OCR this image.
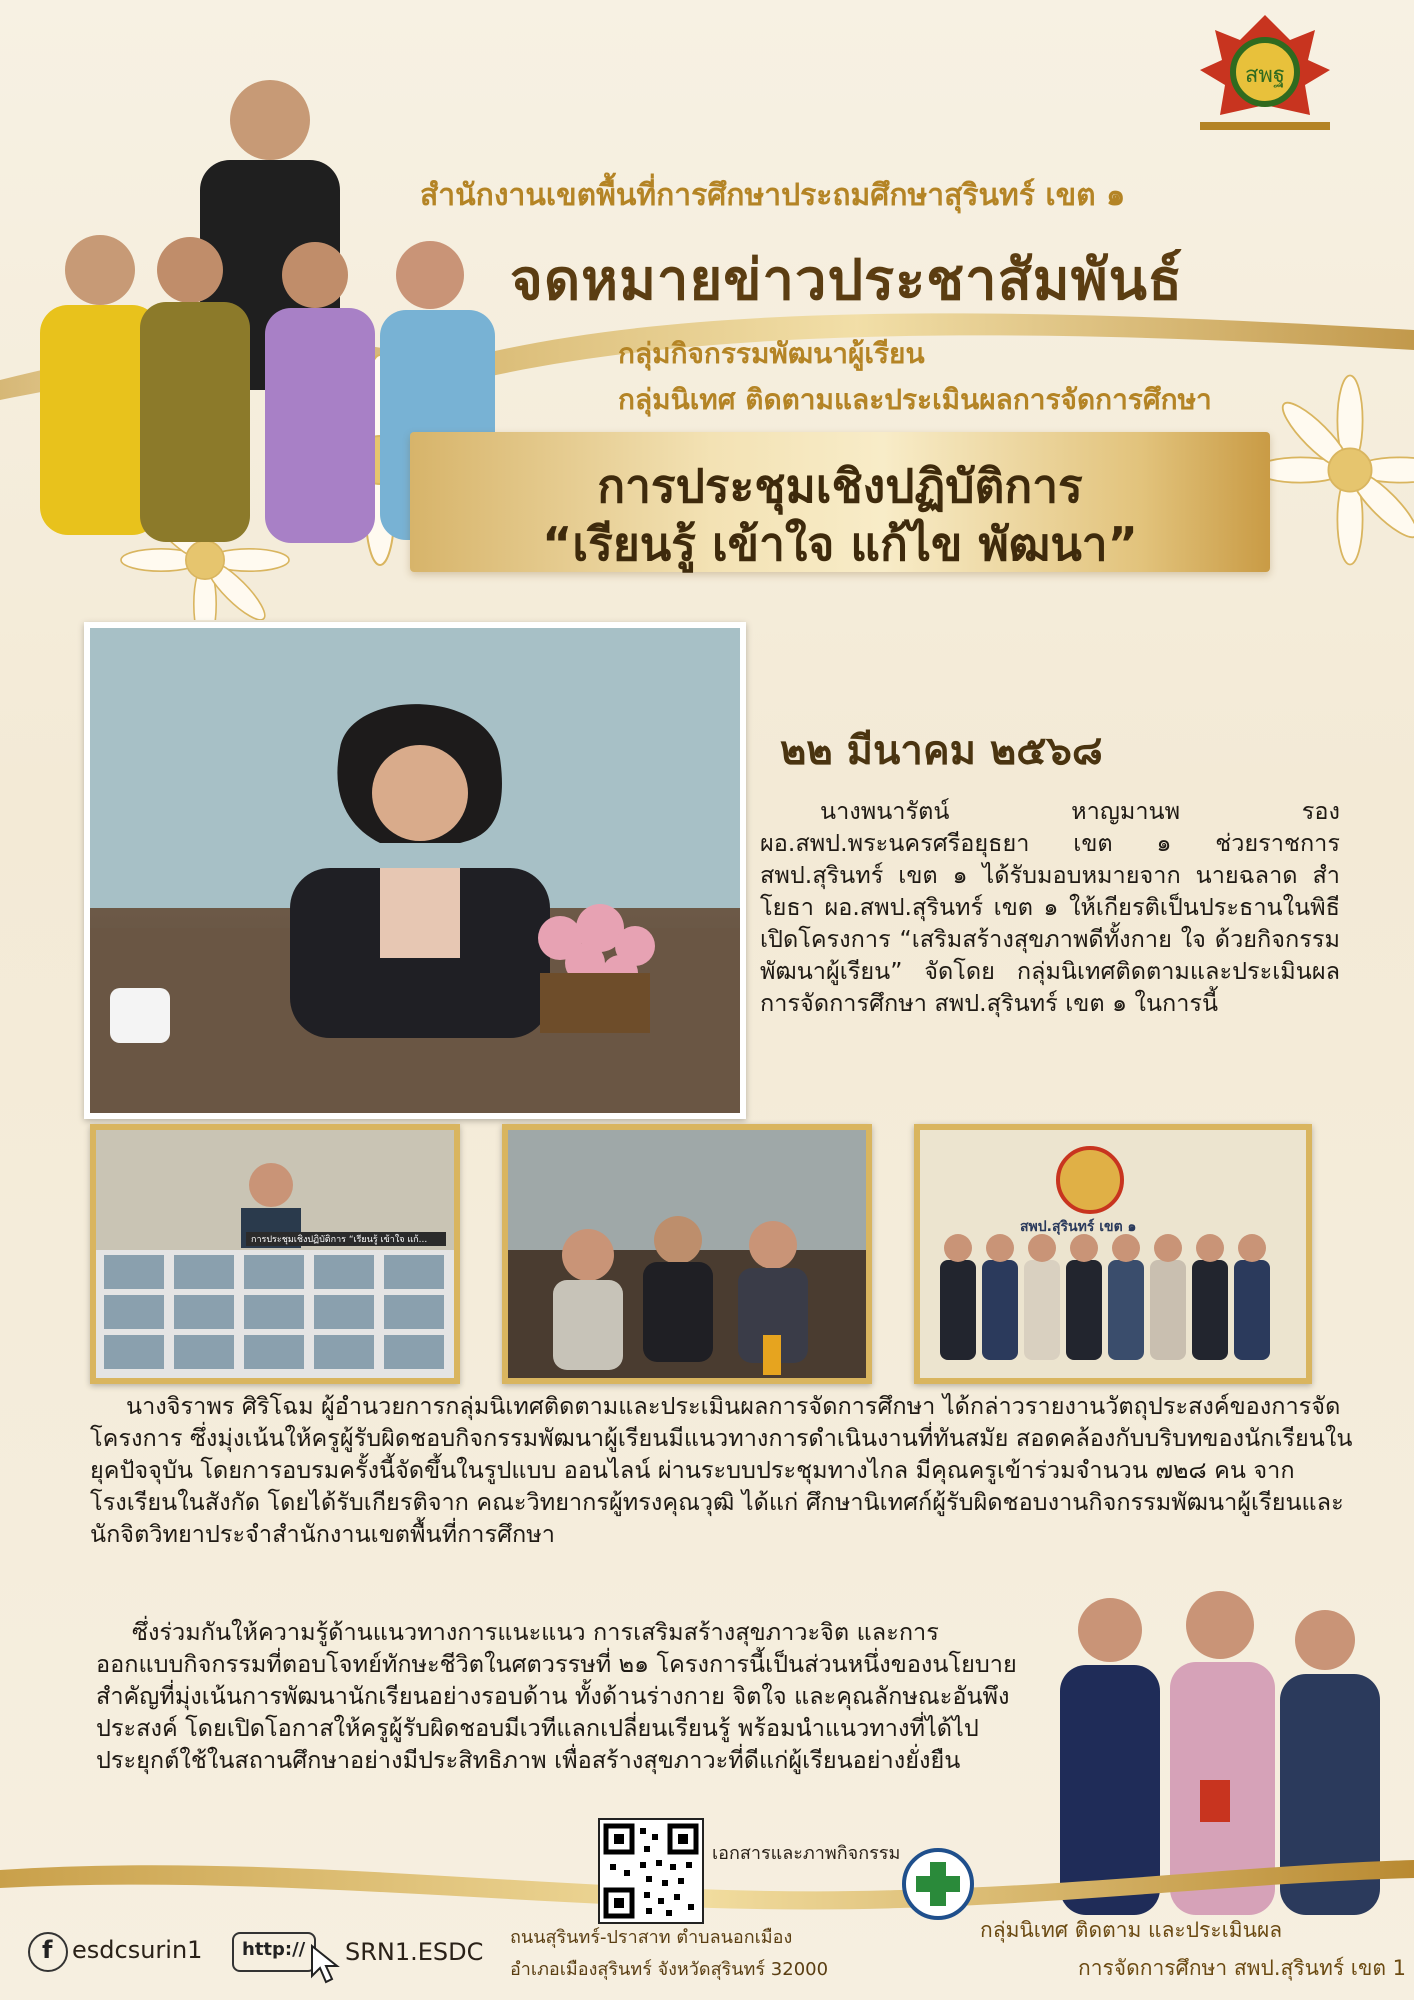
สพฐ
สำนักงานเขตพื้นที่การศึกษาประถมศึกษาสุรินทร์ เขต ๑
จดหมายข่าวประชาสัมพันธ์
กลุ่มกิจกรรมพัฒนาผู้เรียน
กลุ่มนิเทศ ติดตามและประเมินผลการจัดการศึกษา
การประชุมเชิงปฏิบัติการ
“เรียนรู้ เข้าใจ แก้ไข พัฒนา”
๒๒ มีนาคม ๒๕๖๘
นางพนารัตน์ หาญมานพ รอง ผอ.สพป.พระนครศรีอยุธยา เขต ๑ ช่วยราชการ สพป.สุรินทร์ เขต ๑ ได้รับมอบหมายจาก นายฉลาด สำโยธา ผอ.สพป.สุรินทร์ เขต ๑ ให้เกียรติเป็นประธานในพิธีเปิดโครงการ “เสริมสร้างสุขภาพดีทั้งกาย ใจ ด้วยกิจกรรมพัฒนาผู้เรียน” จัดโดย กลุ่มนิเทศติดตามและประเมินผลการจัดการศึกษา สพป.สุรินทร์ เขต ๑ ในการนี้
การประชุมเชิงปฏิบัติการ “เรียนรู้ เข้าใจ แก้...
สพป.สุรินทร์ เขต ๑
นางจิราพร ศิริโฉม ผู้อำนวยการกลุ่มนิเทศติดตามและประเมินผลการจัดการศึกษา ได้กล่าวรายงานวัตถุประสงค์ของการจัดโครงการ ซึ่งมุ่งเน้นให้ครูผู้รับผิดชอบกิจกรรมพัฒนาผู้เรียนมีแนวทางการดำเนินงานที่ทันสมัย สอดคล้องกับบริบทของนักเรียนในยุคปัจจุบัน โดยการอบรมครั้งนี้จัดขึ้นในรูปแบบ ออนไลน์ ผ่านระบบประชุมทางไกล มีคุณครูเข้าร่วมจำนวน ๗๒๘ คน จากโรงเรียนในสังกัด โดยได้รับเกียรติจาก คณะวิทยากรผู้ทรงคุณวุฒิ ได้แก่ ศึกษานิเทศก์ผู้รับผิดชอบงานกิจกรรมพัฒนาผู้เรียนและนักจิตวิทยาประจำสำนักงานเขตพื้นที่การศึกษา
ซึ่งร่วมกันให้ความรู้ด้านแนวทางการแนะแนว การเสริมสร้างสุขภาวะจิต และการออกแบบกิจกรรมที่ตอบโจทย์ทักษะชีวิตในศตวรรษที่ ๒๑ โครงการนี้เป็นส่วนหนึ่งของนโยบายสำคัญที่มุ่งเน้นการพัฒนานักเรียนอย่างรอบด้าน ทั้งด้านร่างกาย จิตใจ และคุณลักษณะอันพึงประสงค์ โดยเปิดโอกาสให้ครูผู้รับผิดชอบมีเวทีแลกเปลี่ยนเรียนรู้ พร้อมนำแนวทางที่ได้ไปประยุกต์ใช้ในสถานศึกษาอย่างมีประสิทธิภาพ เพื่อสร้างสุขภาวะที่ดีแก่ผู้เรียนอย่างยั่งยืน
เอกสารและภาพกิจกรรม
f esdcsurin1 http:// SRN1.ESDC
ถนนสุรินทร์-ปราสาท ตำบลนอกเมือง
อำเภอเมืองสุรินทร์ จังหวัดสุรินทร์ 32000
กลุ่มนิเทศ ติดตาม และประเมินผล
การจัดการศึกษา สพป.สุรินทร์ เขต 1
